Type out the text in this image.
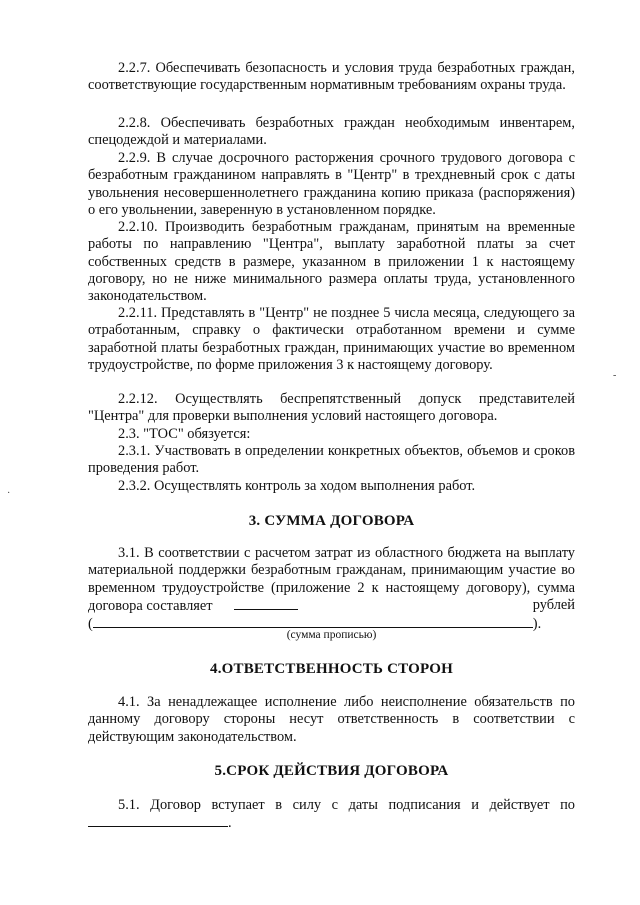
2.2.7. Обеспечивать безопасность и условия труда безработных граждан, соответствующие государственным нормативным требованиям охраны труда.

2.2.8. Обеспечивать безработных граждан необходимым инвентарем, спецодеждой и материалами.

2.2.9. В случае досрочного расторжения срочного трудового договора с безработным гражданином направлять в "Центр" в трехдневный срок с даты увольнения несовершеннолетнего гражданина копию приказа (распоряжения) о его увольнении, заверенную в установленном порядке.

2.2.10. Производить безработным гражданам, принятым на временные работы по направлению "Центра", выплату заработной платы за счет собственных средств в размере, указанном в приложении 1 к настоящему договору, но не ниже минимального размера оплаты труда, установленного законодательством.

2.2.11. Представлять в "Центр" не позднее 5 числа месяца, следующего за отработанным, справку о фактически отработанном времени и сумме заработной платы безработных граждан, принимающих участие во временном трудоустройстве, по форме приложения 3 к настоящему договору.

2.2.12. Осуществлять беспрепятственный допуск представителей "Центра" для проверки выполнения условий настоящего договора.

2.3. "ТОС" обязуется:

2.3.1. Участвовать в определении конкретных объектов, объемов и сроков проведения работ.

2.3.2. Осуществлять контроль за ходом выполнения работ.

3. СУММА ДОГОВОРА
3.1. В соответствии с расчетом затрат из областного бюджета на выплату материальной поддержки безработным гражданам, принимающим участие во временном трудоустройстве (приложение 2 к настоящему договору), сумма договора составляет	рублей
(	).
(сумма прописью)
4.ОТВЕТСТВЕННОСТЬ СТОРОН

4.1. За ненадлежащее исполнение либо неисполнение обязательств по данному договору стороны несут ответственность в соответствии с действующим законодательством.

5.СРОК ДЕЙСТВИЯ ДОГОВОРА
5.1. Договор вступает в силу с даты подписания и действует по
.
-
·
